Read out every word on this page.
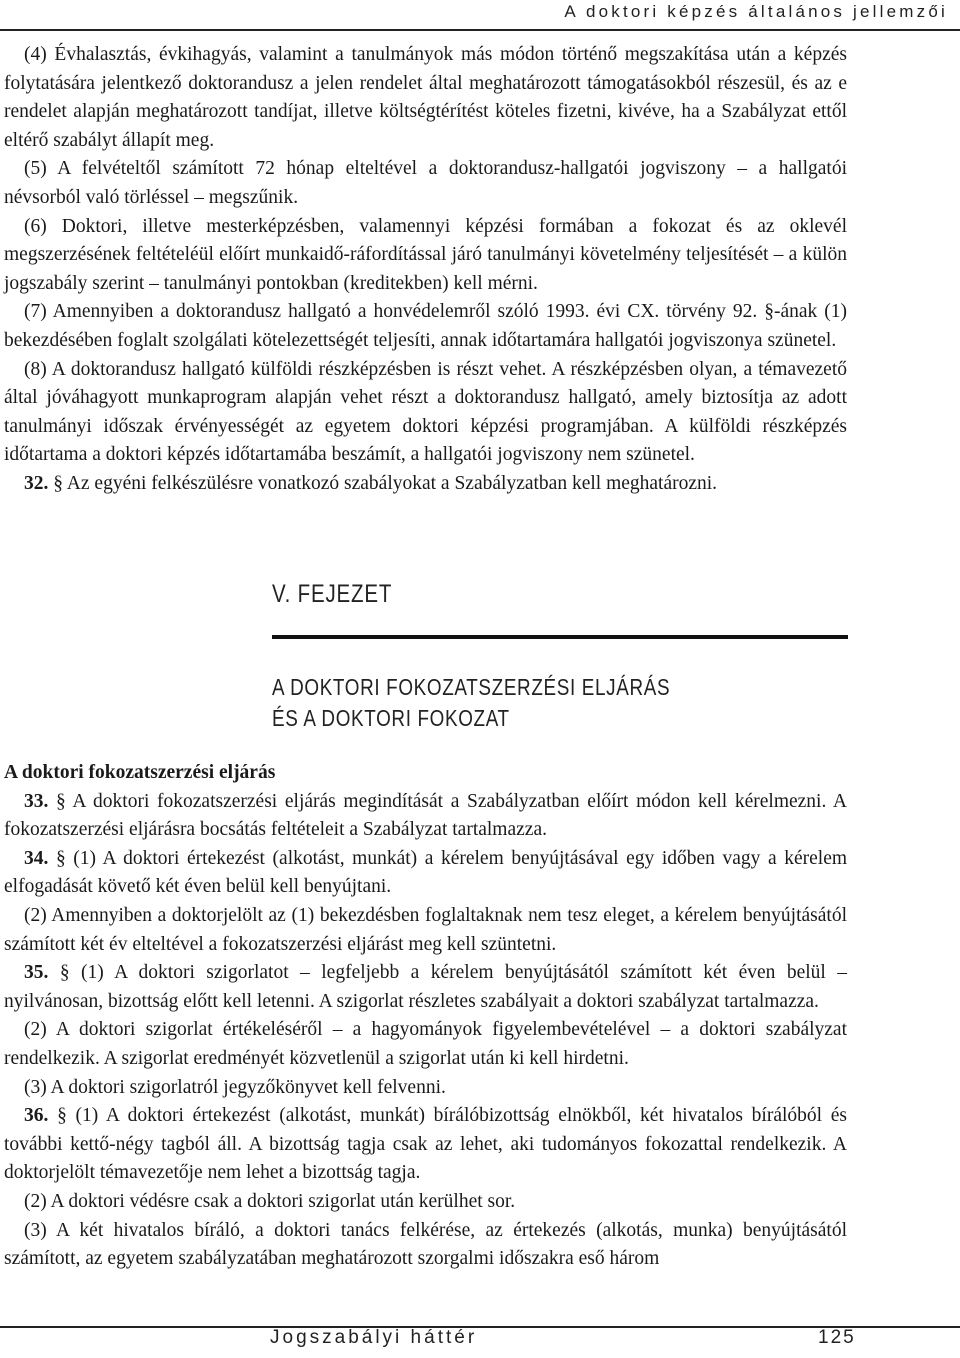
A doktori képzés általános jellemzői

(4) Évhalasztás, évkihagyás, valamint a tanulmányok más módon történő megszakítása után a képzés folytatására jelentkező doktorandusz a jelen rendelet által meghatározott támogatásokból részesül, és az e rendelet alapján meghatározott tandíjat, illetve költségtérítést köteles fizetni, kivéve, ha a Szabályzat ettől eltérő szabályt állapít meg.

(5) A felvételtől számított 72 hónap elteltével a doktorandusz-hallgatói jogviszony – a hallgatói névsorból való törléssel – megszűnik.

(6) Doktori, illetve mesterképzésben, valamennyi képzési formában a fokozat és az oklevél megszerzésének feltételéül előírt munkaidő-ráfordítással járó tanulmányi követelmény teljesítését – a külön jogszabály szerint – tanulmányi pontokban (kreditekben) kell mérni.

(7) Amennyiben a doktorandusz hallgató a honvédelemről szóló 1993. évi CX. törvény 92. §-ának (1) bekezdésében foglalt szolgálati kötelezettségét teljesíti, annak időtartamára hallgatói jogviszonya szünetel.

(8) A doktorandusz hallgató külföldi részképzésben is részt vehet. A részképzésben olyan, a témavezető által jóváhagyott munkaprogram alapján vehet részt a doktorandusz hallgató, amely biztosítja az adott tanulmányi időszak érvényességét az egyetem doktori képzési programjában. A külföldi részképzés időtartama a doktori képzés időtartamába beszámít, a hallgatói jogviszony nem szünetel.

32. § Az egyéni felkészülésre vonatkozó szabályokat a Szabályzatban kell meghatározni.

V. FEJEZET
A DOKTORI FOKOZATSZERZÉSI ELJÁRÁS
ÉS A DOKTORI FOKOZAT
A doktori fokozatszerzési eljárás

33. § A doktori fokozatszerzési eljárás megindítását a Szabályzatban előírt módon kell kérelmezni. A fokozatszerzési eljárásra bocsátás feltételeit a Szabályzat tartalmazza.

34. § (1) A doktori értekezést (alkotást, munkát) a kérelem benyújtásával egy időben vagy a kérelem elfogadását követő két éven belül kell benyújtani.

(2) Amennyiben a doktorjelölt az (1) bekezdésben foglaltaknak nem tesz eleget, a kérelem benyújtásától számított két év elteltével a fokozatszerzési eljárást meg kell szüntetni.

35. § (1) A doktori szigorlatot – legfeljebb a kérelem benyújtásától számított két éven belül – nyilvánosan, bizottság előtt kell letenni. A szigorlat részletes szabályait a doktori szabályzat tartalmazza.

(2) A doktori szigorlat értékeléséről – a hagyományok figyelembevételével – a doktori szabályzat rendelkezik. A szigorlat eredményét közvetlenül a szigorlat után ki kell hirdetni.

(3) A doktori szigorlatról jegyzőkönyvet kell felvenni.

36. § (1) A doktori értekezést (alkotást, munkát) bírálóbizottság elnökből, két hivatalos bírálóból és további kettő-négy tagból áll. A bizottság tagja csak az lehet, aki tudományos fokozattal rendelkezik. A doktorjelölt témavezetője nem lehet a bizottság tagja.

(2) A doktori védésre csak a doktori szigorlat után kerülhet sor.

(3) A két hivatalos bíráló, a doktori tanács felkérése, az értekezés (alkotás, munka) benyújtásától számított, az egyetem szabályzatában meghatározott szorgalmi időszakra eső három

Jogszabályi háttér	125
